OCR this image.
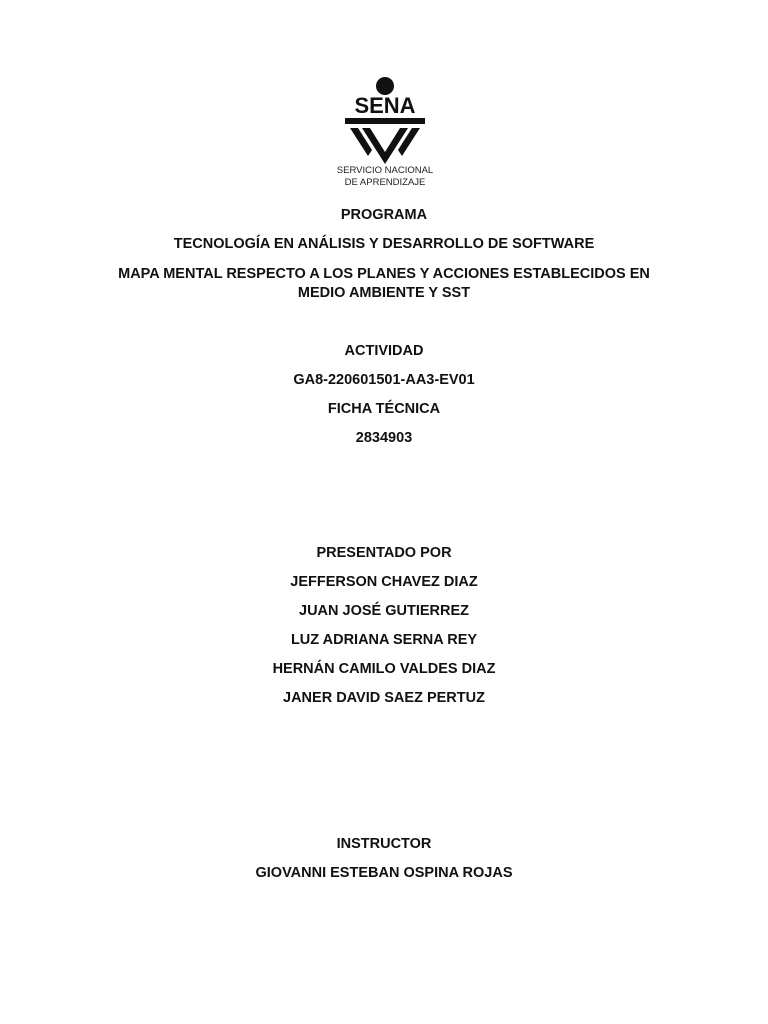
SENA
SERVICIO NACIONAL
DE APRENDIZAJE
PROGRAMA
TECNOLOGÍA EN ANÁLISIS Y DESARROLLO DE SOFTWARE
MAPA MENTAL RESPECTO A LOS PLANES Y ACCIONES ESTABLECIDOS EN MEDIO AMBIENTE Y SST
ACTIVIDAD
GA8-220601501-AA3-EV01
FICHA TÉCNICA
2834903
PRESENTADO POR
JEFFERSON CHAVEZ DIAZ
JUAN JOSÉ GUTIERREZ
LUZ ADRIANA SERNA REY
HERNÁN CAMILO VALDES DIAZ
JANER DAVID SAEZ PERTUZ
INSTRUCTOR
GIOVANNI ESTEBAN OSPINA ROJAS
